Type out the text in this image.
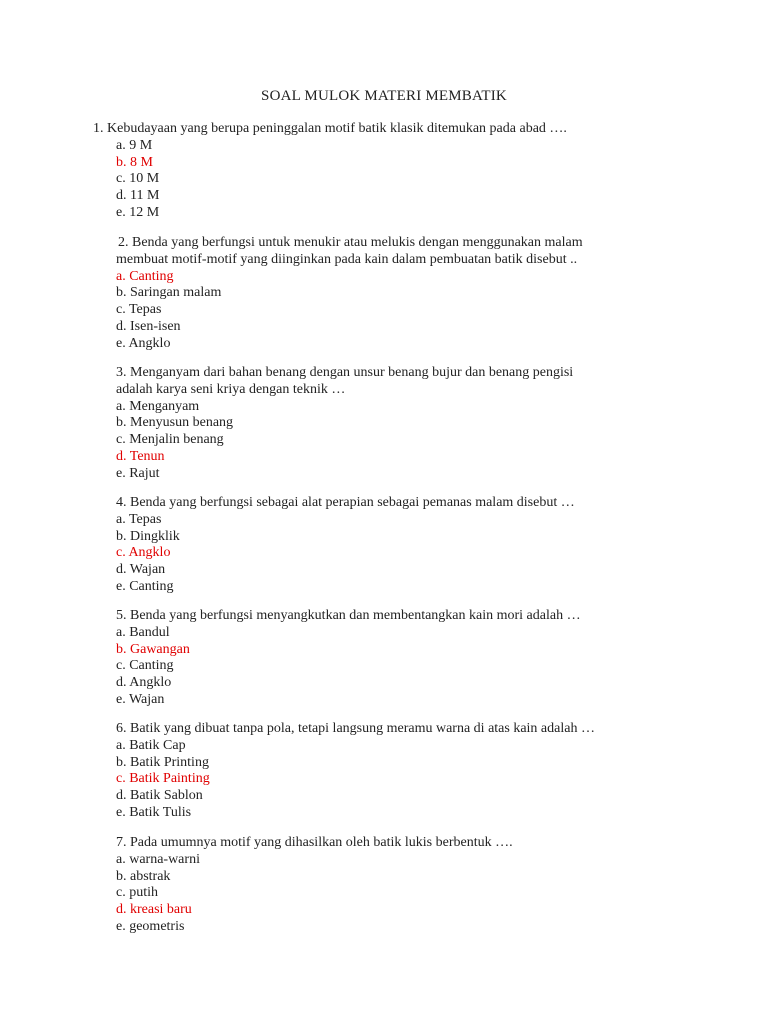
SOAL MULOK MATERI MEMBATIK
1. Kebudayaan yang berupa peninggalan motif batik klasik ditemukan pada abad ….
a. 9 M
b. 8 M
c. 10 M
d. 11 M
e. 12 M
2. Benda yang berfungsi untuk menukir atau melukis dengan menggunakan malam
membuat motif-motif yang diinginkan pada kain dalam pembuatan batik disebut ..
a. Canting
b. Saringan malam
c. Tepas
d. Isen-isen
e. Angklo
3. Menganyam dari bahan benang dengan unsur benang bujur dan benang pengisi
adalah karya seni kriya dengan teknik …
a. Menganyam
b. Menyusun benang
c. Menjalin benang
d. Tenun
e. Rajut
4. Benda yang berfungsi sebagai alat perapian sebagai pemanas malam disebut …
a. Tepas
b. Dingklik
c. Angklo
d. Wajan
e. Canting
5. Benda yang berfungsi menyangkutkan dan membentangkan kain mori adalah …
a. Bandul
b. Gawangan
c. Canting
d. Angklo
e. Wajan
6. Batik yang dibuat tanpa pola, tetapi langsung meramu warna di atas kain adalah …
a. Batik Cap
b. Batik Printing
c. Batik Painting
d. Batik Sablon
e. Batik Tulis
7. Pada umumnya motif yang dihasilkan oleh batik lukis berbentuk ….
a. warna-warni
b. abstrak
c. putih
d. kreasi baru
e. geometris
